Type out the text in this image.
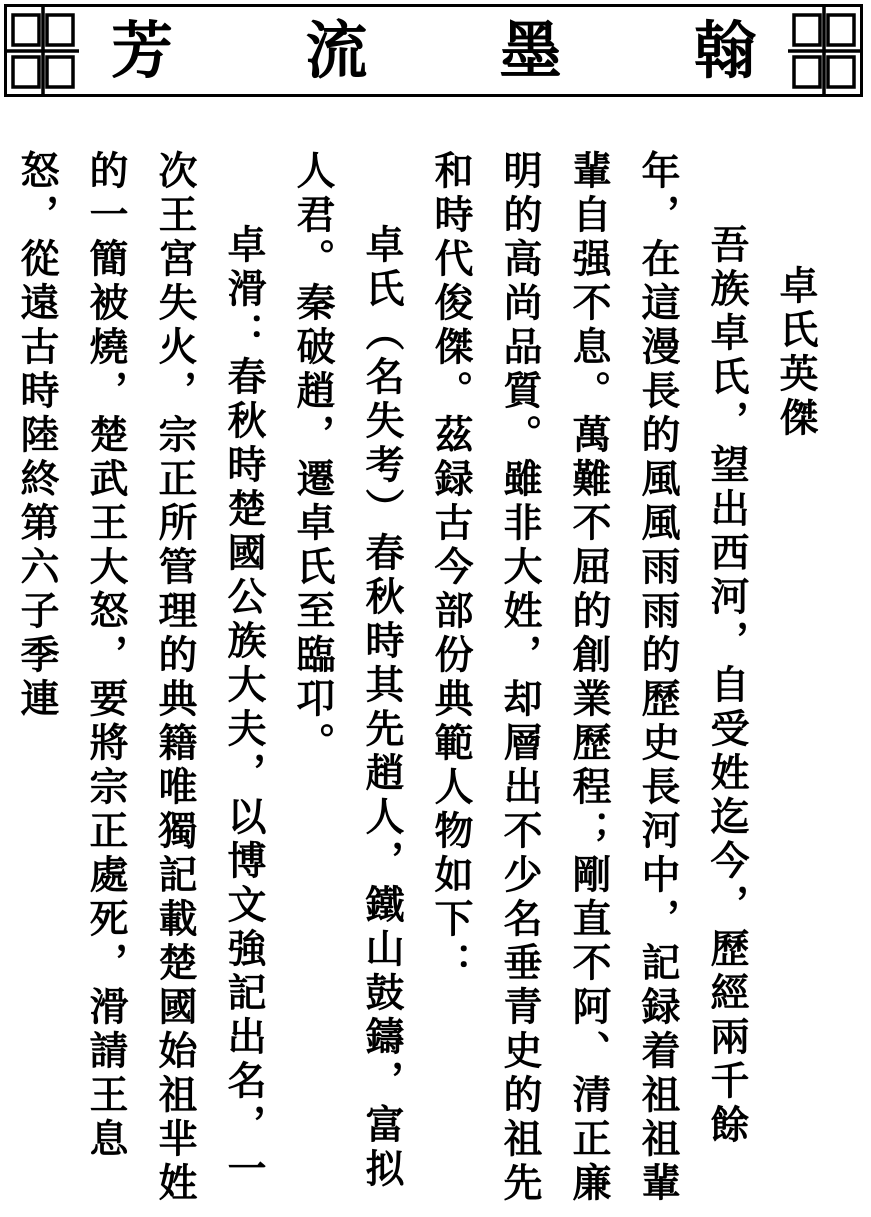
翰
墨
流
芳

卓氏英傑

吾族卓氏，望出西河，自受姓迄今，歷經兩千餘年，在這漫長的風風雨雨的歷史長河中，記録着祖祖輩輩自强不息。萬難不屈的創業歷程；剛直不阿、清正廉明的高尚品質。雖非大姓，却層出不少名垂青史的祖先和時代俊傑。茲録古今部份典範人物如下：

卓氏（名失考）春秋時其先趙人，鐵山鼓鑄，富拟人君。秦破趙，遷卓氏至臨卭。

卓滑：春秋時楚國公族大夫，以博文強記出名，一次王宮失火，宗正所管理的典籍唯獨記載楚國始祖芈姓的一簡被燒，楚武王大怒，要將宗正處死，滑請王息怒，從遠古時陸終第六子季連
